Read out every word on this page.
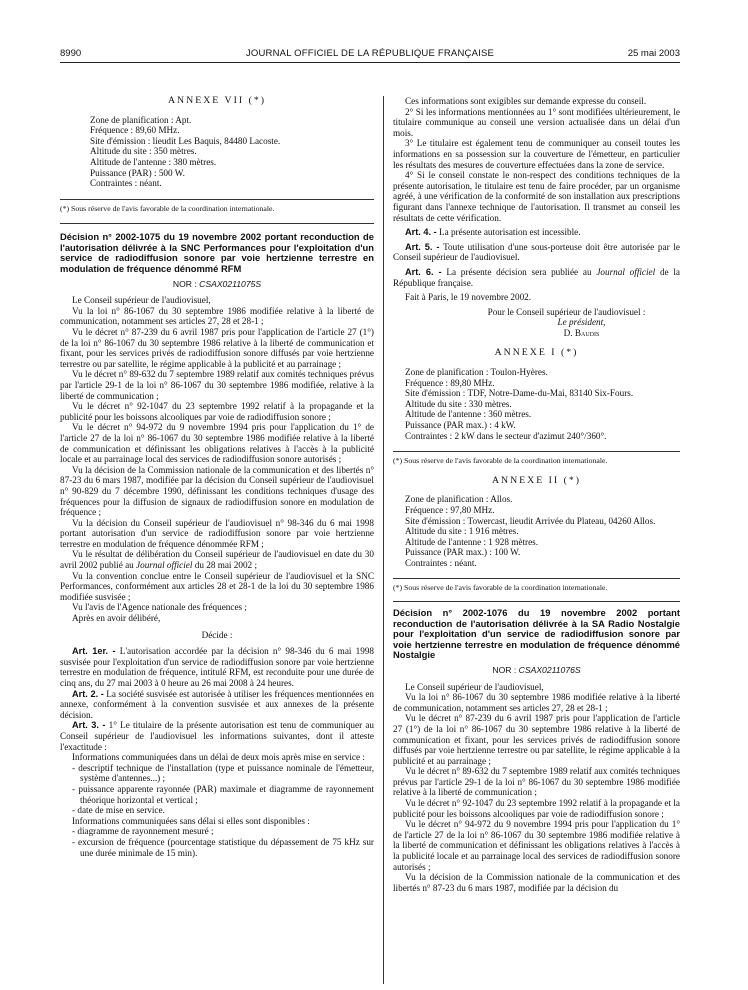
8990	JOURNAL OFFICIEL DE LA RÉPUBLIQUE FRANÇAISE	25 mai 2003

ANNEXE VII (*)

Zone de planification : Apt.

Fréquence : 89,60 MHz.

Site d'émission : lieudit Les Baquis, 84480 Lacoste.

Altitude du site : 350 mètres.

Altitude de l'antenne : 380 mètres.

Puissance (PAR) : 500 W.

Contraintes : néant.

(*) Sous réserve de l'avis favorable de la coordination internationale.

Décision n° 2002-1075 du 19 novembre 2002 portant reconduction de l'autorisation délivrée à la SNC Performances pour l'exploitation d'un service de radiodiffusion sonore par voie hertzienne terrestre en modulation de fréquence dénommé RFM

NOR : CSAX0211075S

Le Conseil supérieur de l'audiovisuel,

Vu la loi n° 86-1067 du 30 septembre 1986 modifiée relative à la liberté de communication, notamment ses articles 27, 28 et 28-1 ;

Vu le décret n° 87-239 du 6 avril 1987 pris pour l'application de l'article 27 (1°) de la loi n° 86-1067 du 30 septembre 1986 relative à la liberté de communication et fixant, pour les services privés de radiodiffusion sonore diffusés par voie hertzienne terrestre ou par satellite, le régime applicable à la publicité et au parrainage ;

Vu le décret n° 89-632 du 7 septembre 1989 relatif aux comités techniques prévus par l'article 29-1 de la loi n° 86-1067 du 30 septembre 1986 modifiée, relative à la liberté de communication ;

Vu le décret n° 92-1047 du 23 septembre 1992 relatif à la propagande et la publicité pour les boissons alcooliques par voie de radiodiffusion sonore ;

Vu le décret n° 94-972 du 9 novembre 1994 pris pour l'application du 1° de l'article 27 de la loi n° 86-1067 du 30 septembre 1986 modifiée relative à la liberté de communication et définissant les obligations relatives à l'accès à la publicité locale et au parrainage local des services de radiodiffusion sonore autorisés ;

Vu la décision de la Commission nationale de la communication et des libertés n° 87-23 du 6 mars 1987, modifiée par la décision du Conseil supérieur de l'audiovisuel n° 90-829 du 7 décembre 1990, définissant les conditions techniques d'usage des fréquences pour la diffusion de signaux de radiodiffusion sonore en modulation de fréquence ;

Vu la décision du Conseil supérieur de l'audiovisuel n° 98-346 du 6 mai 1998 portant autorisation d'un service de radiodiffusion sonore par voie hertzienne terrestre en modulation de fréquence dénommée RFM ;

Vu le résultat de délibération du Conseil supérieur de l'audiovisuel en date du 30 avril 2002 publié au Journal officiel du 28 mai 2002 ;

Vu la convention conclue entre le Conseil supérieur de l'audiovisuel et la SNC Performances, conformément aux articles 28 et 28-1 de la loi du 30 septembre 1986 modifiée susvisée ;

Vu l'avis de l'Agence nationale des fréquences ;

Après en avoir délibéré,

Décide :

Art. 1er. - L'autorisation accordée par la décision n° 98-346 du 6 mai 1998 susvisée pour l'exploitation d'un service de radiodiffusion sonore par voie hertzienne terrestre en modulation de fréquence, intitulé RFM, est reconduite pour une durée de cinq ans, du 27 mai 2003 à 0 heure au 26 mai 2008 à 24 heures.

Art. 2. - La société susvisée est autorisée à utiliser les fréquences mentionnées en annexe, conformément à la convention susvisée et aux annexes de la présente décision.

Art. 3. - 1° Le titulaire de la présente autorisation est tenu de communiquer au Conseil supérieur de l'audiovisuel les informations suivantes, dont il atteste l'exactitude :

Informations communiquées dans un délai de deux mois après mise en service :

- descriptif technique de l'installation (type et puissance nominale de l'émetteur, système d'antennes...) ;

- puissance apparente rayonnée (PAR) maximale et diagramme de rayonnement théorique horizontal et vertical ;

- date de mise en service.

Informations communiquées sans délai si elles sont disponibles :

- diagramme de rayonnement mesuré ;

- excursion de fréquence (pourcentage statistique du dépassement de 75 kHz sur une durée minimale de 15 min).

Ces informations sont exigibles sur demande expresse du conseil.

2° Si les informations mentionnées au 1° sont modifiées ultérieurement, le titulaire communique au conseil une version actualisée dans un délai d'un mois.

3° Le titulaire est également tenu de communiquer au conseil toutes les informations en sa possession sur la couverture de l'émetteur, en particulier les résultats des mesures de couverture effectuées dans la zone de service.

4° Si le conseil constate le non-respect des conditions techniques de la présente autorisation, le titulaire est tenu de faire procéder, par un organisme agréé, à une vérification de la conformité de son installation aux prescriptions figurant dans l'annexe technique de l'autorisation. Il transmet au conseil les résultats de cette vérification.

Art. 4. - La présente autorisation est incessible.

Art. 5. - Toute utilisation d'une sous-porteuse doit être autorisée par le Conseil supérieur de l'audiovisuel.

Art. 6. - La présente décision sera publiée au Journal officiel de la République française.

Fait à Paris, le 19 novembre 2002.

Pour le Conseil supérieur de l'audiovisuel :

Le président,

D. Baudis

ANNEXE I (*)

Zone de planification : Toulon-Hyères.

Fréquence : 89,80 MHz.

Site d'émission : TDF, Notre-Dame-du-Mai, 83140 Six-Fours.

Altitude du site : 330 mètres.

Altitude de l'antenne : 360 mètres.

Puissance (PAR max.) : 4 kW.

Contraintes : 2 kW dans le secteur d'azimut 240°/360°.

(*) Sous réserve de l'avis favorable de la coordination internationale.

ANNEXE II (*)

Zone de planification : Allos.

Fréquence : 97,80 MHz.

Site d'émission : Towercast, lieudit Arrivée du Plateau, 04260 Allos.

Altitude du site : 1 916 mètres.

Altitude de l'antenne : 1 928 mètres.

Puissance (PAR max.) : 100 W.

Contraintes : néant.

(*) Sous réserve de l'avis favorable de la coordination internationale.

Décision n° 2002-1076 du 19 novembre 2002 portant reconduction de l'autorisation délivrée à la SA Radio Nostalgie pour l'exploitation d'un service de radiodiffusion sonore par voie hertzienne terrestre en modulation de fréquence dénommé Nostalgie

NOR : CSAX0211076S

Le Conseil supérieur de l'audiovisuel,

Vu la loi n° 86-1067 du 30 septembre 1986 modifiée relative à la liberté de communication, notamment ses articles 27, 28 et 28-1 ;

Vu le décret n° 87-239 du 6 avril 1987 pris pour l'application de l'article 27 (1°) de la loi n° 86-1067 du 30 septembre 1986 relative à la liberté de communication et fixant, pour les services privés de radiodiffusion sonore diffusés par voie hertzienne terrestre ou par satellite, le régime applicable à la publicité et au parrainage ;

Vu le décret n° 89-632 du 7 septembre 1989 relatif aux comités techniques prévus par l'article 29-1 de la loi n° 86-1067 du 30 septembre 1986 modifiée relative à la liberté de communication ;

Vu le décret n° 92-1047 du 23 septembre 1992 relatif à la propagande et la publicité pour les boissons alcooliques par voie de radiodiffusion sonore ;

Vu le décret n° 94-972 du 9 novembre 1994 pris pour l'application du 1° de l'article 27 de la loi n° 86-1067 du 30 septembre 1986 modifiée relative à la liberté de communication et définissant les obligations relatives à l'accès à la publicité locale et au parrainage local des services de radiodiffusion sonore autorisés ;

Vu la décision de la Commission nationale de la communication et des libertés n° 87-23 du 6 mars 1987, modifiée par la décision du
